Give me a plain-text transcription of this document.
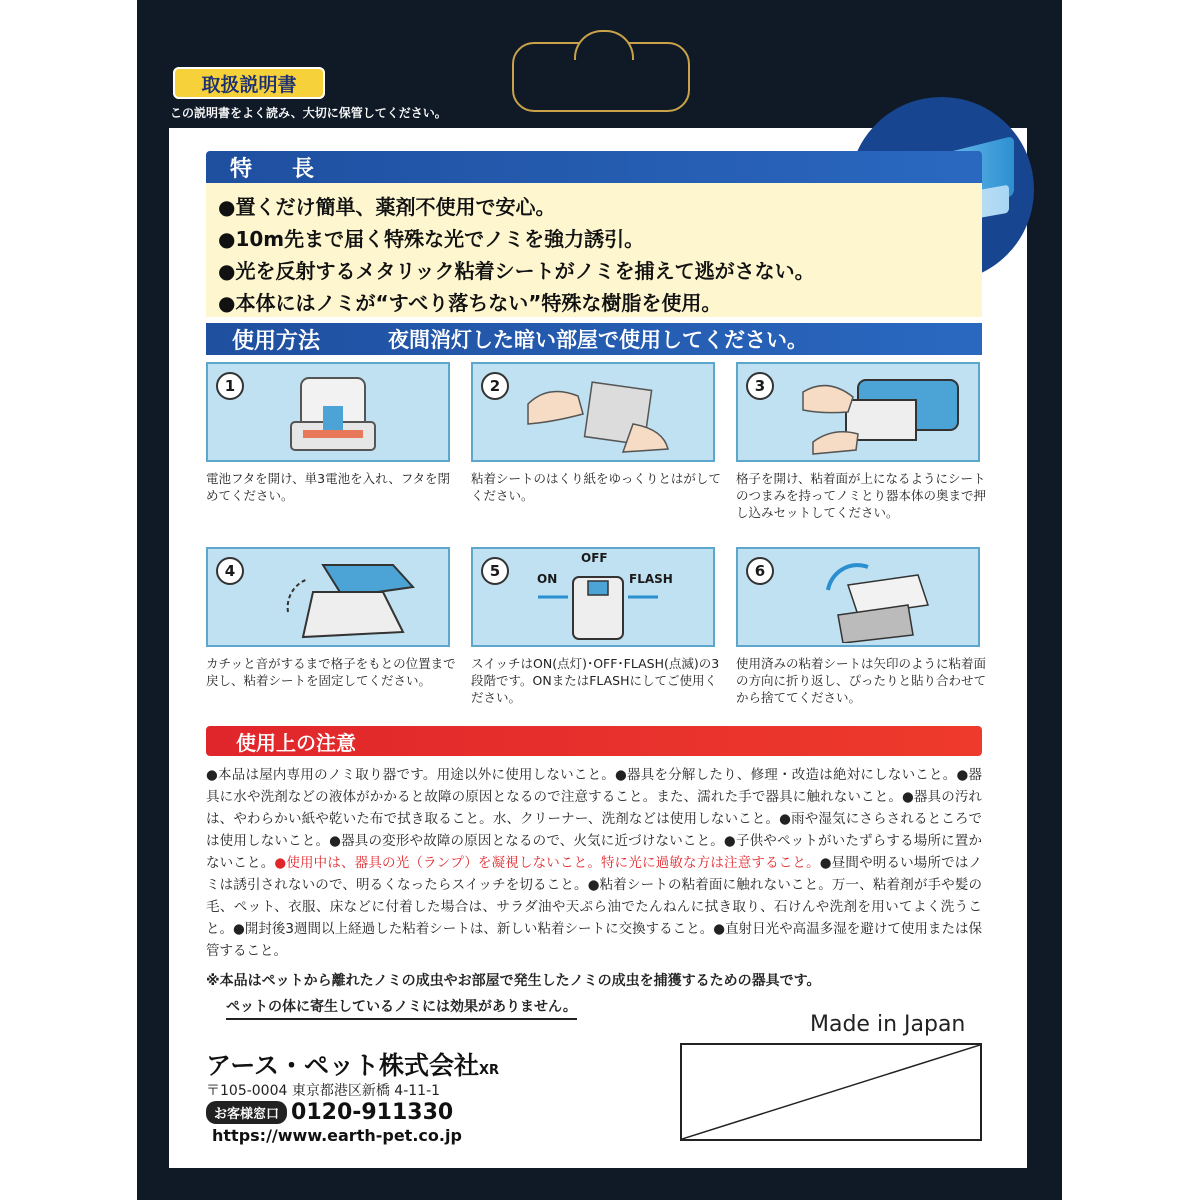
取扱説明書
この説明書をよく読み、大切に保管してください。
特長
●置くだけ簡単、薬剤不使用で安心。
●10m先まで届く特殊な光でノミを強力誘引。
●光を反射するメタリック粘着シートがノミを捕えて逃がさない。
●本体にはノミが“すべり落ちない”特殊な樹脂を使用。
使用方法	夜間消灯した暗い部屋で使用してください。
1
電池フタを開け、単3電池を入れ、フタを閉めてください。
2
粘着シートのはくり紙をゆっくりとはがしてください。
3
格子を開け、粘着面が上になるようにシートのつまみを持ってノミとり器本体の奥まで押し込みセットしてください。
4
カチッと音がするまで格子をもとの位置まで戻し、粘着シートを固定してください。
5
OFF
ON	FLASH
スイッチはON(点灯)･OFF･FLASH(点滅)の3段階です。ONまたはFLASHにしてご使用ください。
6
使用済みの粘着シートは矢印のように粘着面の方向に折り返し、ぴったりと貼り合わせてから捨ててください。
使用上の注意
●本品は屋内専用のノミ取り器です。用途以外に使用しないこと。●器具を分解したり、修理・改造は絶対にしないこと。●器具に水や洗剤などの液体がかかると故障の原因となるので注意すること。また、濡れた手で器具に触れないこと。●器具の汚れは、やわらかい紙や乾いた布で拭き取ること。水、クリーナー、洗剤などは使用しないこと。●雨や湿気にさらされるところでは使用しないこと。●器具の変形や故障の原因となるので、火気に近づけないこと。●子供やペットがいたずらする場所に置かないこと。●使用中は、器具の光（ランプ）を凝視しないこと。特に光に過敏な方は注意すること。●昼間や明るい場所ではノミは誘引されないので、明るくなったらスイッチを切ること。●粘着シートの粘着面に触れないこと。万一、粘着剤が手や髪の毛、ペット、衣服、床などに付着した場合は、サラダ油や天ぷら油でたんねんに拭き取り、石けんや洗剤を用いてよく洗うこと。●開封後3週間以上経過した粘着シートは、新しい粘着シートに交換すること。●直射日光や高温多湿を避けて使用または保管すること。
※本品はペットから離れたノミの成虫やお部屋で発生したノミの成虫を捕獲するための器具です。
ペットの体に寄生しているノミには効果がありません。
Made in Japan
アース・ペット株式会社XR
〒105-0004 東京都港区新橋 4-11-1
お客様窓口 0120-911330
https://www.earth-pet.co.jp
